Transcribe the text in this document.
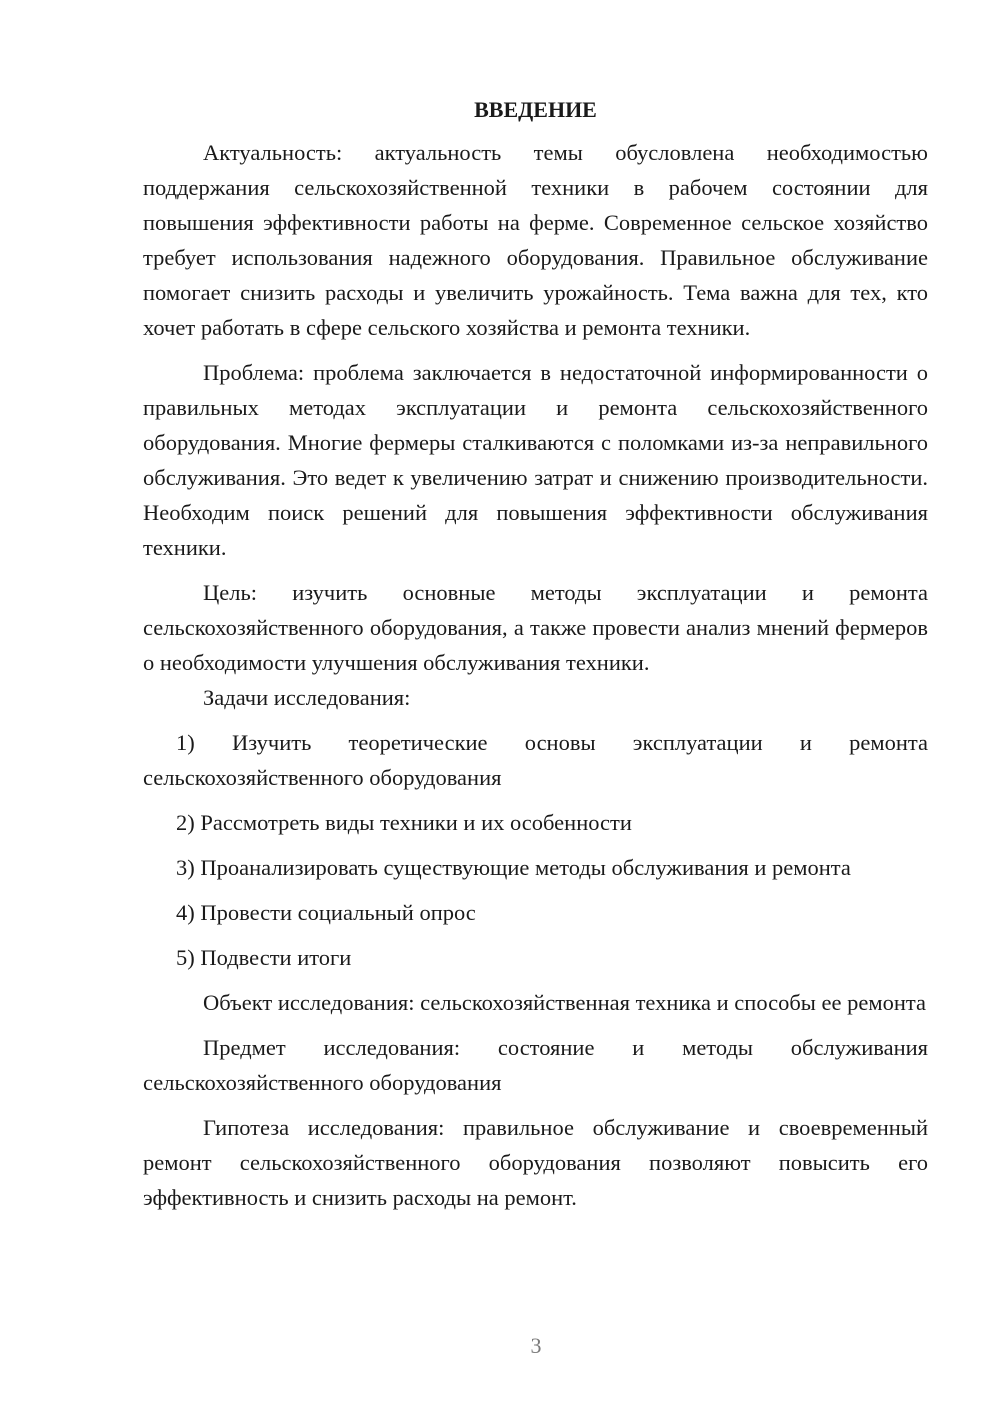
ВВЕДЕНИЕ

Актуальность: актуальность темы обусловлена необходимостью поддержания сельскохозяйственной техники в рабочем состоянии для повышения эффективности работы на ферме. Современное сельское хозяйство требует использования надежного оборудования. Правильное обслуживание помогает снизить расходы и увеличить урожайность. Тема важна для тех, кто хочет работать в сфере сельского хозяйства и ремонта техники.

Проблема: проблема заключается в недостаточной информированности о правильных методах эксплуатации и ремонта сельскохозяйственного оборудования. Многие фермеры сталкиваются с поломками из-за неправильного обслуживания. Это ведет к увеличению затрат и снижению производительности. Необходим поиск решений для повышения эффективности обслуживания техники.

Цель: изучить основные методы эксплуатации и ремонта сельскохозяйственного оборудования, а также провести анализ мнений фермеров о необходимости улучшения обслуживания техники.

Задачи исследования:

1) Изучить теоретические основы эксплуатации и ремонта сельскохозяйственного оборудования

2) Рассмотреть виды техники и их особенности

3) Проанализировать существующие методы обслуживания и ремонта

4) Провести социальный опрос

5) Подвести итоги

Объект исследования: сельскохозяйственная техника и способы ее ремонта

Предмет исследования: состояние и методы обслуживания сельскохозяйственного оборудования

Гипотеза исследования: правильное обслуживание и своевременный ремонт сельскохозяйственного оборудования позволяют повысить его эффективность и снизить расходы на ремонт.

3
